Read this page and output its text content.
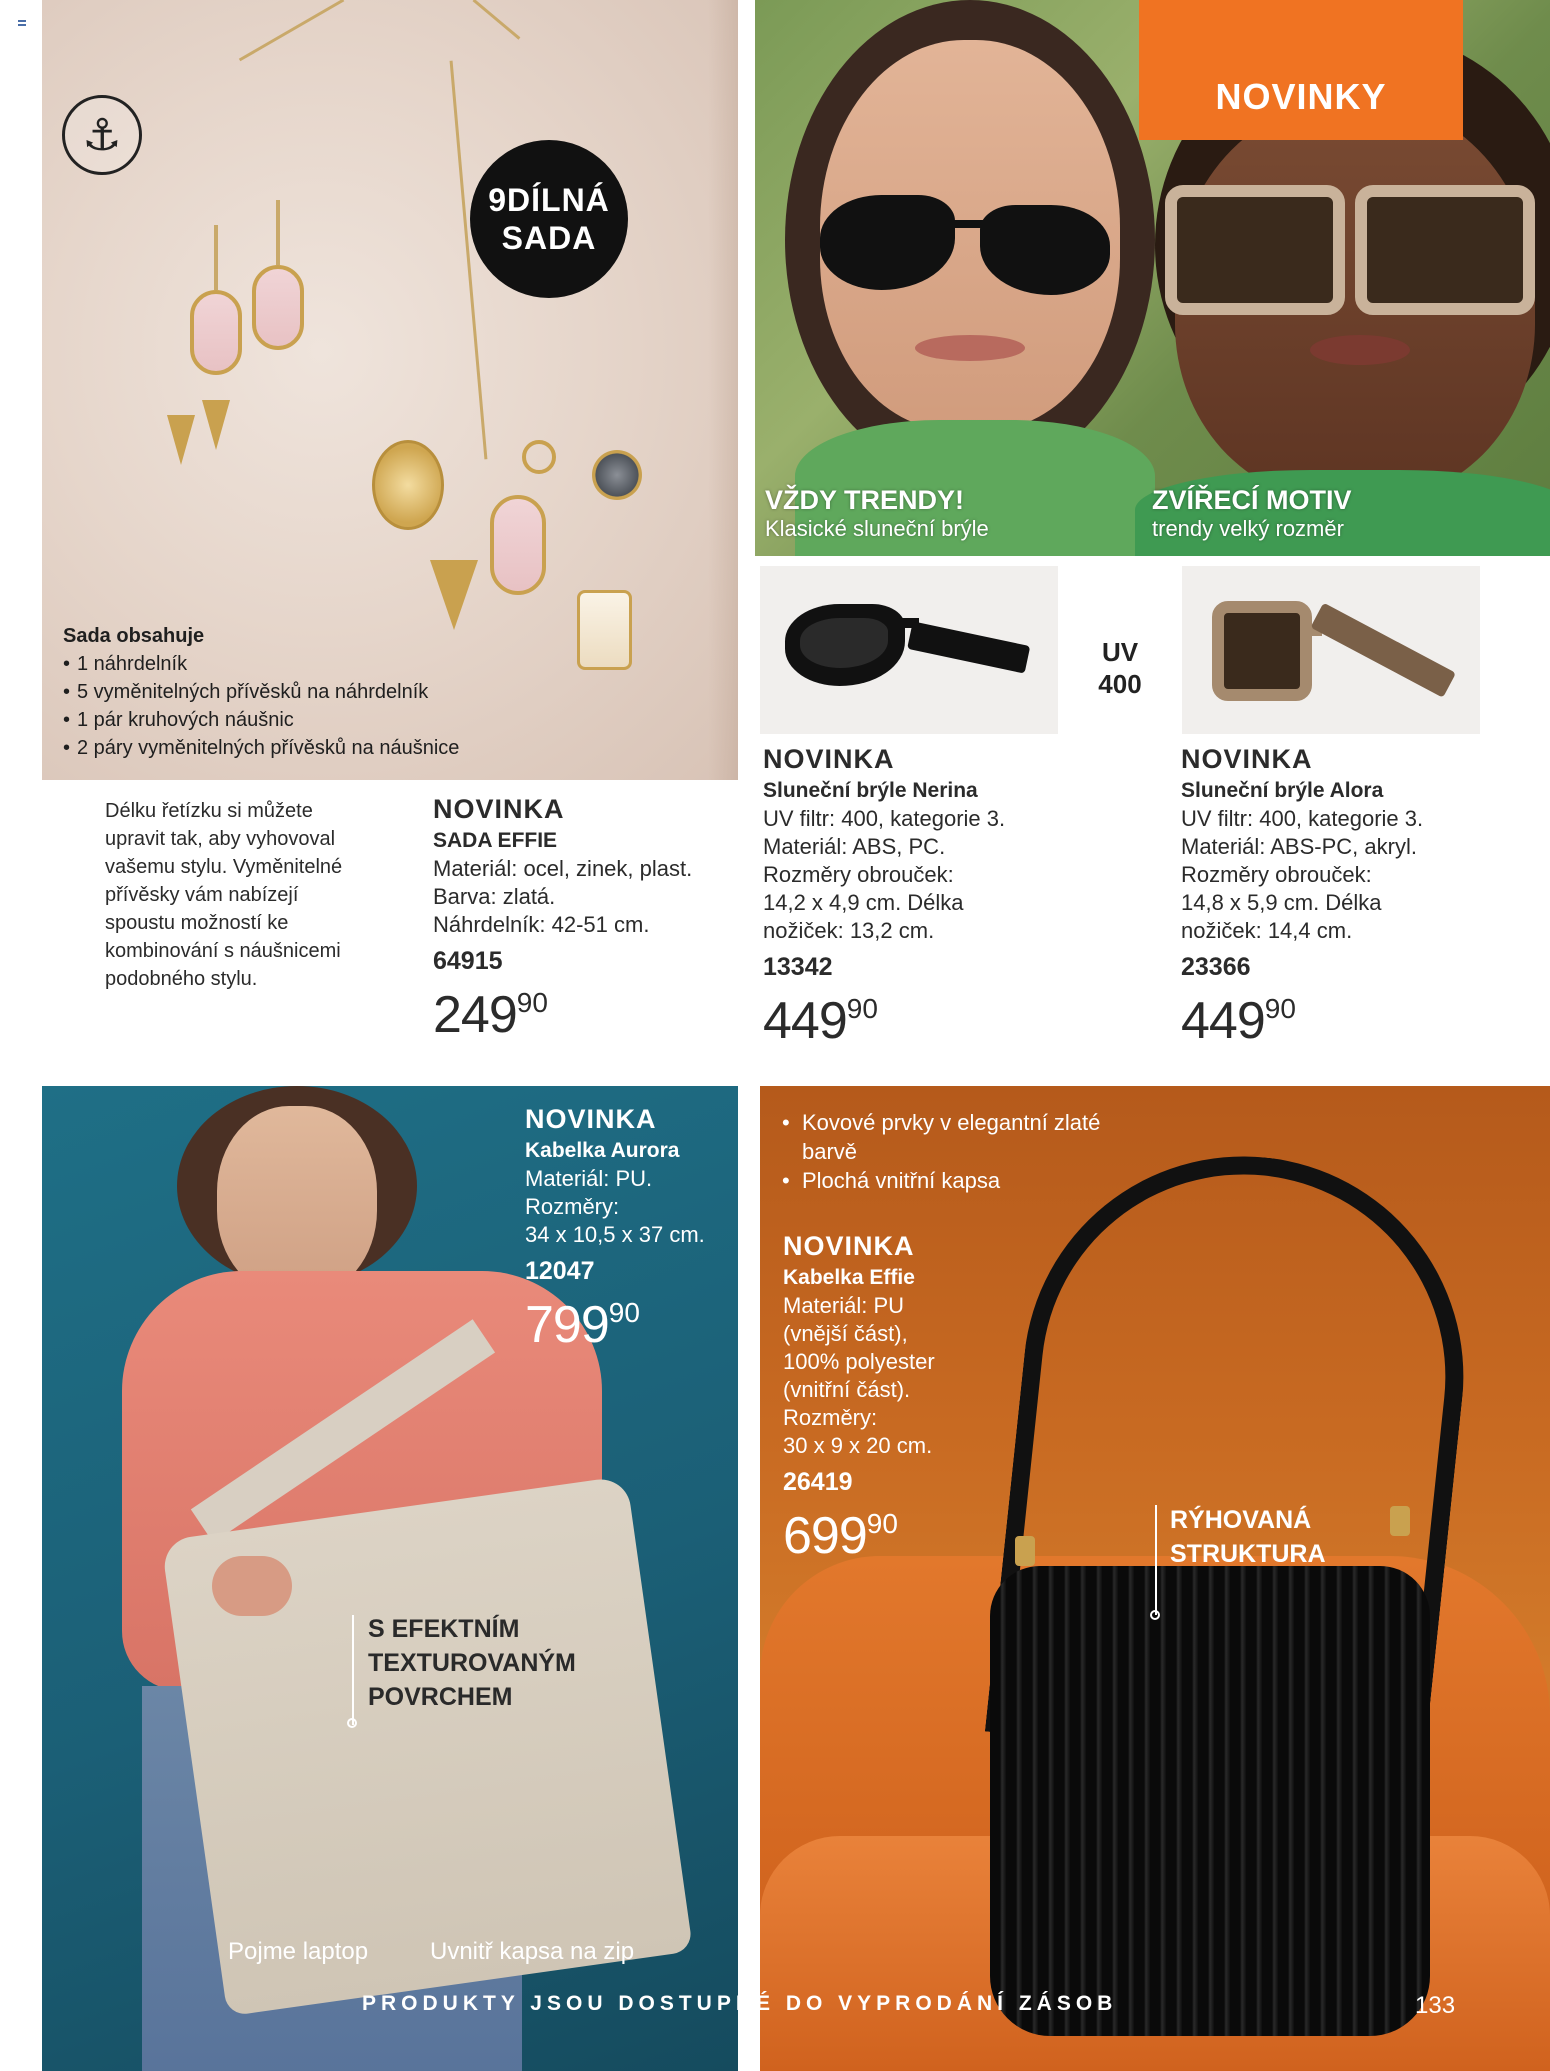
⚓
9DÍLNÁ
SADA
Sada obsahuje
• 1 náhrdelník
• 5 vyměnitelných přívěsků na náhrdelník
• 1 pár kruhových náušnic
• 2 páry vyměnitelných přívěsků na náušnice
Délku řetízku si můžete upravit tak, aby vyhovoval vašemu stylu. Vyměnitelné přívěsky vám nabízejí spoustu možností ke kombinování s náušnicemi podobného stylu.
NOVINKA
SADA EFFIE
Materiál: ocel, zinek, plast.
Barva: zlatá.
Náhrdelník: 42-51 cm.
64915
$249^{90}$
NOVINKY
VŽDY TRENDY!
Klasické sluneční brýle
ZVÍŘECÍ MOTIV
trendy velký rozměr
UV
400
NOVINKA
Sluneční brýle Nerina
UV filtr: 400, kategorie 3.
Materiál: ABS, PC.
Rozměry obrouček:
14,2 x 4,9 cm. Délka
nožiček: 13,2 cm.
13342
$449^{90}$
NOVINKA
Sluneční brýle Alora
UV filtr: 400, kategorie 3.
Materiál: ABS-PC, akryl.
Rozměry obrouček:
14,8 x 5,9 cm. Délka
nožiček: 14,4 cm.
23366
$449^{90}$
NOVINKA
Kabelka Aurora
Materiál: PU.
Rozměry:
34 x 10,5 x 37 cm.
12047
$799^{90}$
S EFEKTNÍM
TEXTUROVANÝM
POVRCHEM
Pojme laptop	Uvnitř kapsa na zip
• Kovové prvky v elegantní zlaté barvě
• Plochá vnitřní kapsa
NOVINKA
Kabelka Effie
Materiál: PU
(vnější část),
100% polyester
(vnitřní část).
Rozměry:
30 x 9 x 20 cm.
26419
$699^{90}$	RÝHOVANÁ
STRUKTURA
PRODUKTY JSOU DOSTUPNÉ DO VYPRODÁNÍ ZÁSOB	133
